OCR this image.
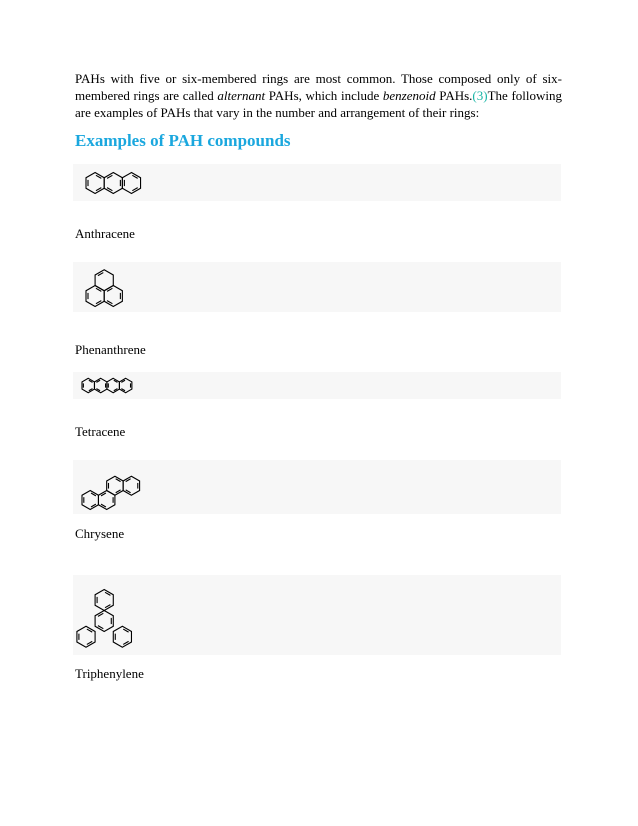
PAHs with five or six-membered rings are most common. Those composed only of six-membered rings are called alternant PAHs, which include benzenoid PAHs.(3)The following are examples of PAHs that vary in the number and arrangement of their rings:

Examples of PAH compounds

Anthracene

Phenanthrene

Tetracene

Chrysene

Triphenylene
